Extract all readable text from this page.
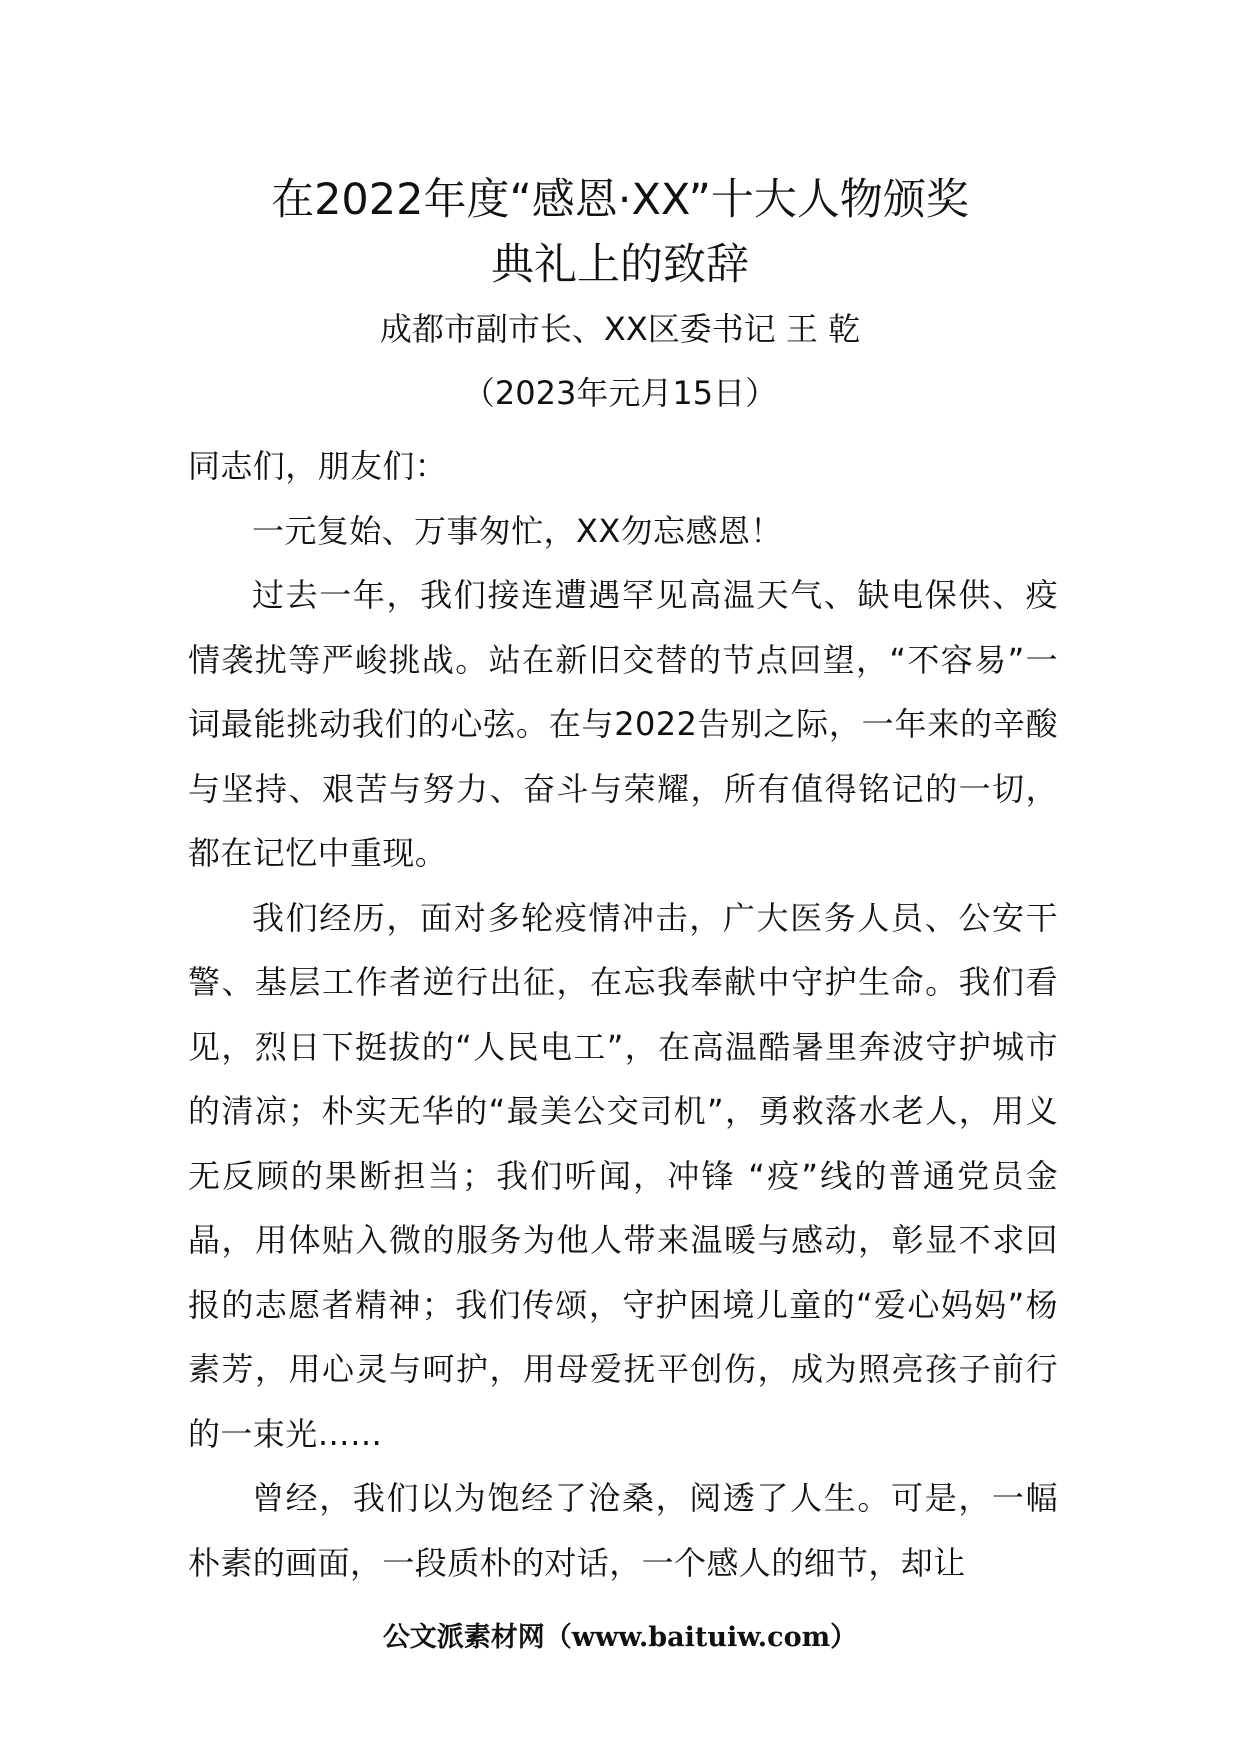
在2022年度“感恩·XX”十大人物颁奖
典礼上的致辞
成都市副市长、XX区委书记 王 乾
（2023年元月15日）

同志们，朋友们：

一元复始、万事匆忙，XX勿忘感恩！

过去一年，我们接连遭遇罕见高温天气、缺电保供、疫情袭扰等严峻挑战。站在新旧交替的节点回望，“不容易”一词最能挑动我们的心弦。在与2022告别之际，一年来的辛酸与坚持、艰苦与努力、奋斗与荣耀，所有值得铭记的一切，都在记忆中重现。

我们经历，面对多轮疫情冲击，广大医务人员、公安干警、基层工作者逆行出征，在忘我奉献中守护生命。我们看见，烈日下挺拔的“人民电工”，在高温酷暑里奔波守护城市的清凉；朴实无华的“最美公交司机”，勇救落水老人，用义无反顾的果断担当；我们听闻，冲锋 “疫”线的普通党员金晶，用体贴入微的服务为他人带来温暖与感动，彰显不求回报的志愿者精神；我们传颂，守护困境儿童的“爱心妈妈”杨素芳，用心灵与呵护，用母爱抚平创伤，成为照亮孩子前行的一束光……

曾经，我们以为饱经了沧桑，阅透了人生。可是，一幅朴素的画面，一段质朴的对话，一个感人的细节，却让

公文派素材网（www.baituiw.com）
